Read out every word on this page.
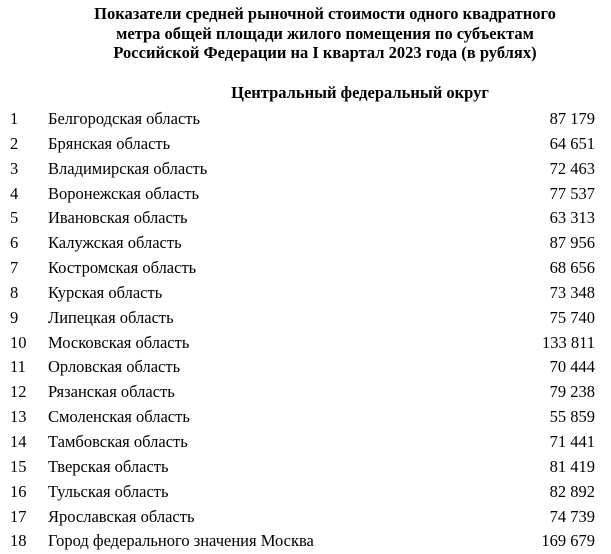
Показатели средней рыночной стоимости одного квадратного
метра общей площади жилого помещения по субъектам
Российской Федерации на I квартал 2023 года (в рублях)
Центральный федеральный округ
1 Белгородская область	87 179
2 Брянская область	64 651
3 Владимирская область	72 463
4 Воронежская область	77 537
5 Ивановская область	63 313
6 Калужская область	87 956
7 Костромская область	68 656
8 Курская область	73 348
9 Липецкая область	75 740
10 Московская область	133 811
11 Орловская область	70 444
12 Рязанская область	79 238
13 Смоленская область	55 859
14 Тамбовская область	71 441
15 Тверская область	81 419
16 Тульская область	82 892
17 Ярославская область	74 739
18 Город федерального значения Москва	169 679
